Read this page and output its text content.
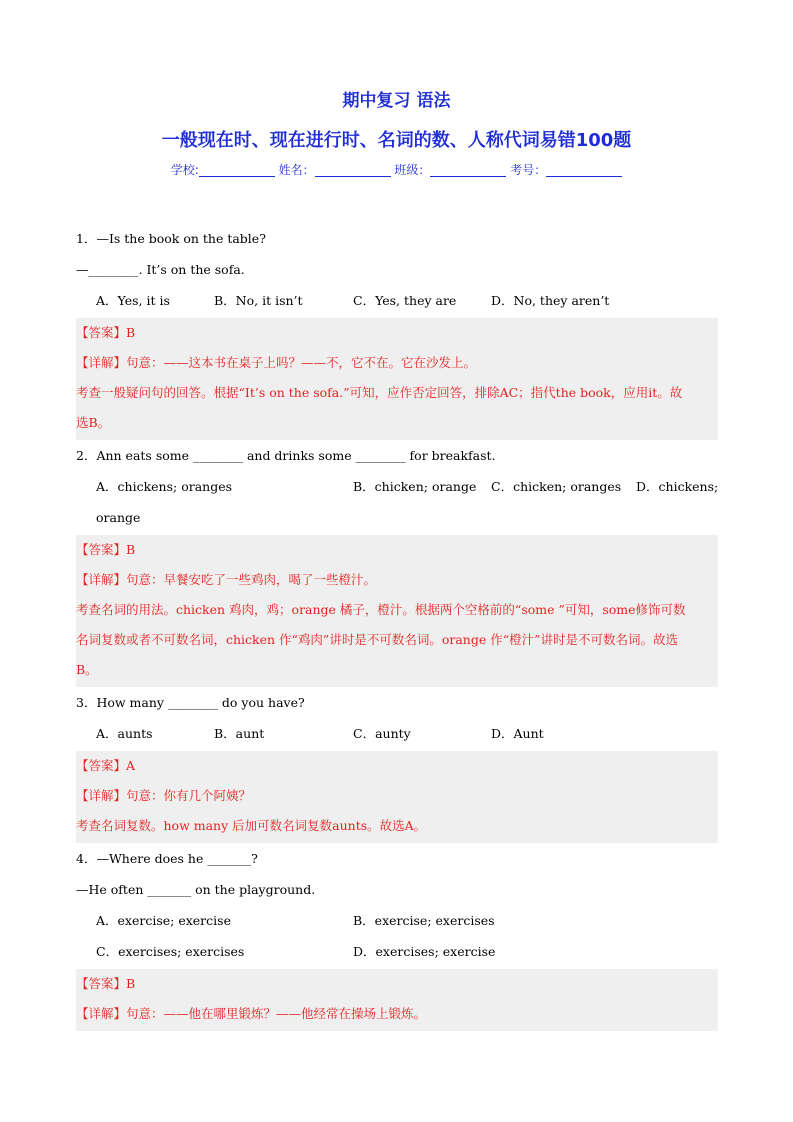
期中复习 语法
一般现在时、现在进行时、名词的数、人称代词易错100题
学校:	姓名：	班级：	考号：
1．—Is the book on the table?
—________. It’s on the sofa.
A．Yes, it is	B．No, it isn’t	C．Yes, they are	D．No, they aren’t
【答案】B
【详解】句意：——这本书在桌子上吗？——不，它不在。它在沙发上。
考查一般疑问句的回答。根据“It’s on the sofa.”可知，应作否定回答，排除AC；指代the book，应用it。故
选B。
2．Ann eats some ________ and drinks some ________ for breakfast.
A．chickens; oranges	B．chicken; orange C．chicken; oranges D．chickens;
orange
【答案】B
【详解】句意：早餐安吃了一些鸡肉，喝了一些橙汁。
考查名词的用法。chicken 鸡肉，鸡；orange 橘子，橙汁。根据两个空格前的“some ”可知，some修饰可数
名词复数或者不可数名词，chicken 作“鸡肉”讲时是不可数名词。orange 作“橙汁”讲时是不可数名词。故选
B。
3．How many ________ do you have?
A．aunts	B．aunt	C．aunty	D．Aunt
【答案】A
【详解】句意：你有几个阿姨？
考查名词复数。how many 后加可数名词复数aunts。故选A。
4．—Where does he _______?
—He often _______ on the playground.
A．exercise; exercise	B．exercise; exercises
C．exercises; exercises	D．exercises; exercise
【答案】B
【详解】句意：——他在哪里锻炼？——他经常在操场上锻炼。
